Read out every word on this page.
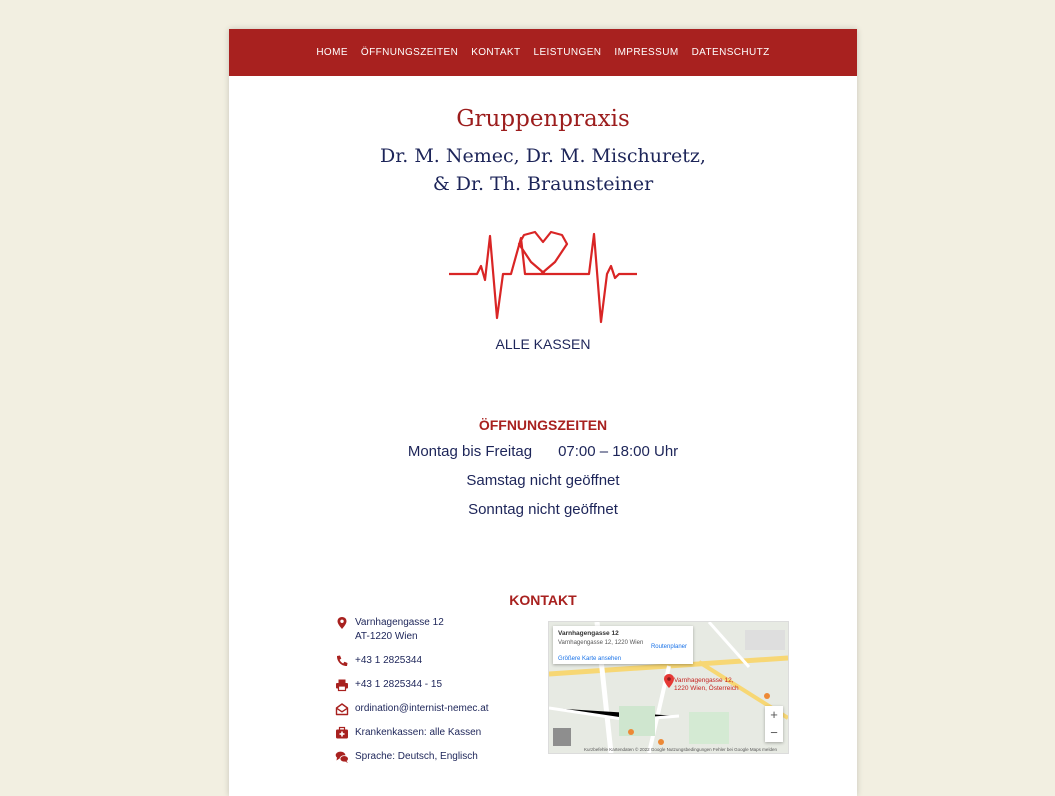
HOME ÖFFNUNGSZEITEN KONTAKT LEISTUNGEN IMPRESSUM DATENSCHUTZ
Gruppenpraxis
Dr. M. Nemec, Dr. M. Mischuretz,
& Dr. Th. Braunsteiner
ALLE KASSEN
ÖFFNUNGSZEITEN
Montag bis Freitag 07:00 – 18:00 Uhr
Samstag nicht geöffnet
Sonntag nicht geöffnet
KONTAKT
Varnhagengasse 12
AT-1220 Wien
+43 1 2825344
+43 1 2825344 - 15
ordination@internist-nemec.at
Krankenkassen: alle Kassen
Sprache: Deutsch, Englisch
Varnhagengasse 12
Varnhagengasse 12, 1220 Wien
Größere Karte ansehen
Routenplaner
Varnhagengasse 12,
1220 Wien, Österreich
+
−
Kurzbefehle Kartendaten © 2022 Google Nutzungsbedingungen Fehler bei Google Maps melden
